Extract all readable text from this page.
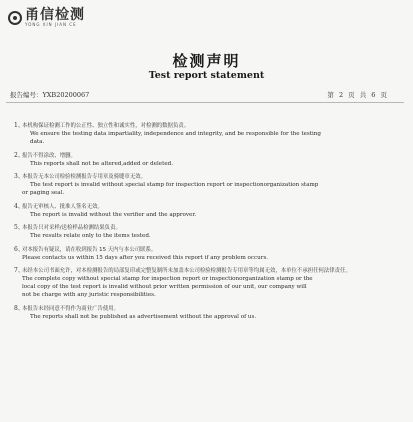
甬信检测
YONG XIN JIAN CE
检测声明
Test report statement
报告编号：YXB20200067	第 2 页 共 6 页
1、
本机构保证检测工作的公正性、独立性和诚实性，对检测的数据负责。
We ensure the testing data impartiality, independence and integrity, and be responsible for the testing
data.
2、
报告不得涂改、增删。
This reports shall not be altered,added or deleted.
3、
本报告无本公司检验检测报告专用章及骑缝章无效。
The test report is invalid without special stamp for inspection report or inspectionorganization stamp
or paging seal.
4、
报告无审核人、批准人签名无效。
The report is invalid without the verifier and the approver.
5、
本报告只对采样/送检样品检测结果负责。
The results relate only to the items tested.
6、
对本报告有疑议，请在收到报告 15 天内与本公司联系。
Please contacts us within 15 days after you received this report if any problem occurs.
7、
未经本公司书面允许，对本检测报告的局部复印或完整复制所未加盖本公司检验检测报告专用章等均属无效，本单位不承担任何法律责任。
The complete copy without special stamp for inspection report or inspectionorganization stamp or the
local copy of the test report is invalid without prior written permission of our unit, our company will
not be charge with any juristic responsibilities.
8、
本报告未经同意不得作为商业广告使用。
The reports shall not be published as advertisement without the approval of us.
